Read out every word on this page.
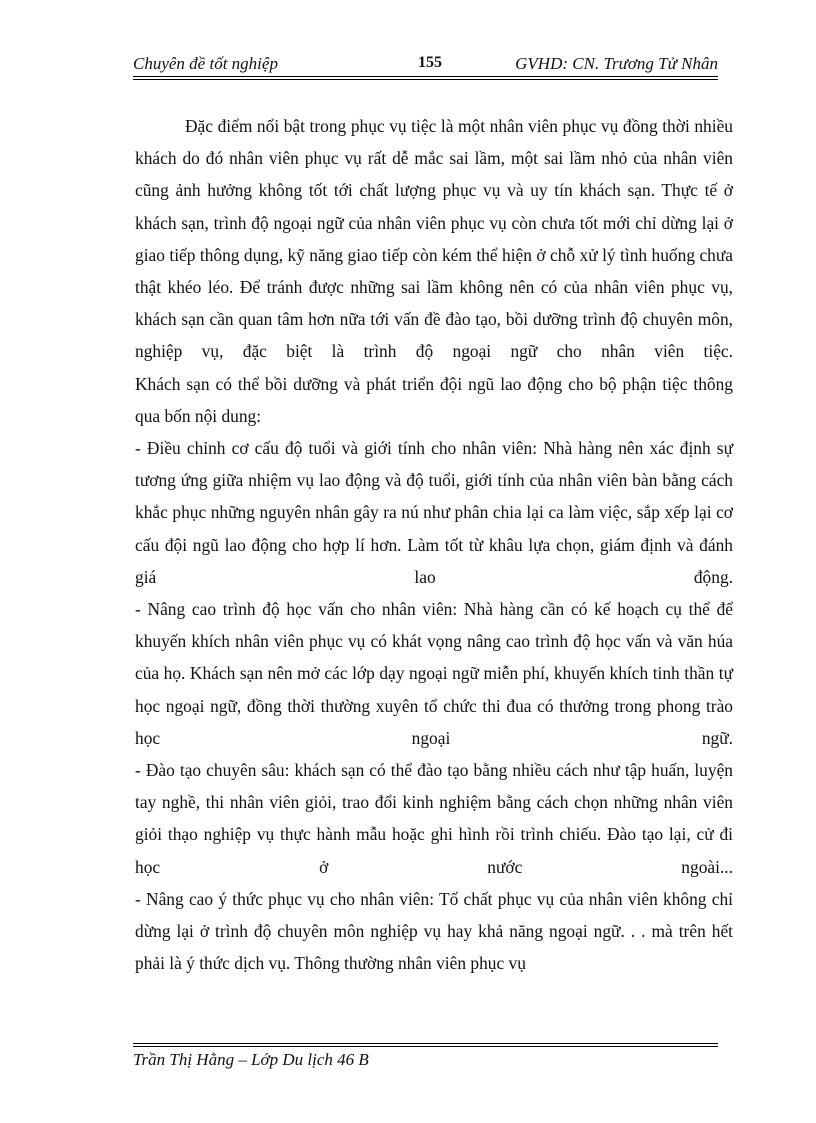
Chuyên đề tốt nghiệp	155	GVHD: CN. Trương Tử Nhân

Đặc điểm nổi bật trong phục vụ tiệc là một nhân viên phục vụ đồng thời nhiều khách do đó nhân viên phục vụ rất dễ mắc sai lầm, một sai lầm nhỏ của nhân viên cũng ảnh hưởng không tốt tới chất lượng phục vụ và uy tín khách sạn. Thực tế ở khách sạn, trình độ ngoại ngữ của nhân viên phục vụ còn chưa tốt mới chỉ dừng lại ở giao tiếp thông dụng, kỹ năng giao tiếp còn kém thể hiện ở chỗ xử lý tình huống chưa thật khéo léo. Để tránh được những sai lầm không nên có của nhân viên phục vụ, khách sạn cần quan tâm hơn nữa tới vấn đề đào tạo, bồi dưỡng trình độ chuyên môn, nghiệp vụ, đặc biệt là trình độ ngoại ngữ cho nhân viên tiệc.

Khách sạn có thể bồi dưỡng và phát triển đội ngũ lao động cho bộ phận tiệc thông qua bốn nội dung:

- Điều chỉnh cơ cấu độ tuổi và giới tính cho nhân viên: Nhà hàng nên xác định sự tương ứng giữa nhiệm vụ lao động và độ tuổi, giới tính của nhân viên bàn bằng cách khắc phục những nguyên nhân gây ra nú như phân chia lại ca làm việc, sắp xếp lại cơ cấu đội ngũ lao động cho hợp lí hơn. Làm tốt từ khâu lựa chọn, giám định và đánh giá lao động.

- Nâng cao trình độ học vấn cho nhân viên: Nhà hàng cần có kế hoạch cụ thể để khuyến khích nhân viên phục vụ có khát vọng nâng cao trình độ học vấn và văn húa của họ. Khách sạn nên mở các lớp dạy ngoại ngữ miễn phí, khuyến khích tinh thần tự học ngoại ngữ, đồng thời thường xuyên tổ chức thi đua có thưởng trong phong trào học ngoại ngữ.

- Đào tạo chuyên sâu: khách sạn có thể đào tạo bằng nhiều cách như tập huấn, luyện tay nghề, thi nhân viên giỏi, trao đổi kinh nghiệm bằng cách chọn những nhân viên giỏi thạo nghiệp vụ thực hành mẫu hoặc ghi hình rồi trình chiếu. Đào tạo lại, cử đi học ở nước ngoài...

- Nâng cao ý thức phục vụ cho nhân viên: Tố chất phục vụ của nhân viên không chỉ dừng lại ở trình độ chuyên môn nghiệp vụ hay khả năng ngoại ngữ. . . mà trên hết phải là ý thức dịch vụ. Thông thường nhân viên phục vụ

Trần Thị Hằng – Lớp Du lịch 46 B
